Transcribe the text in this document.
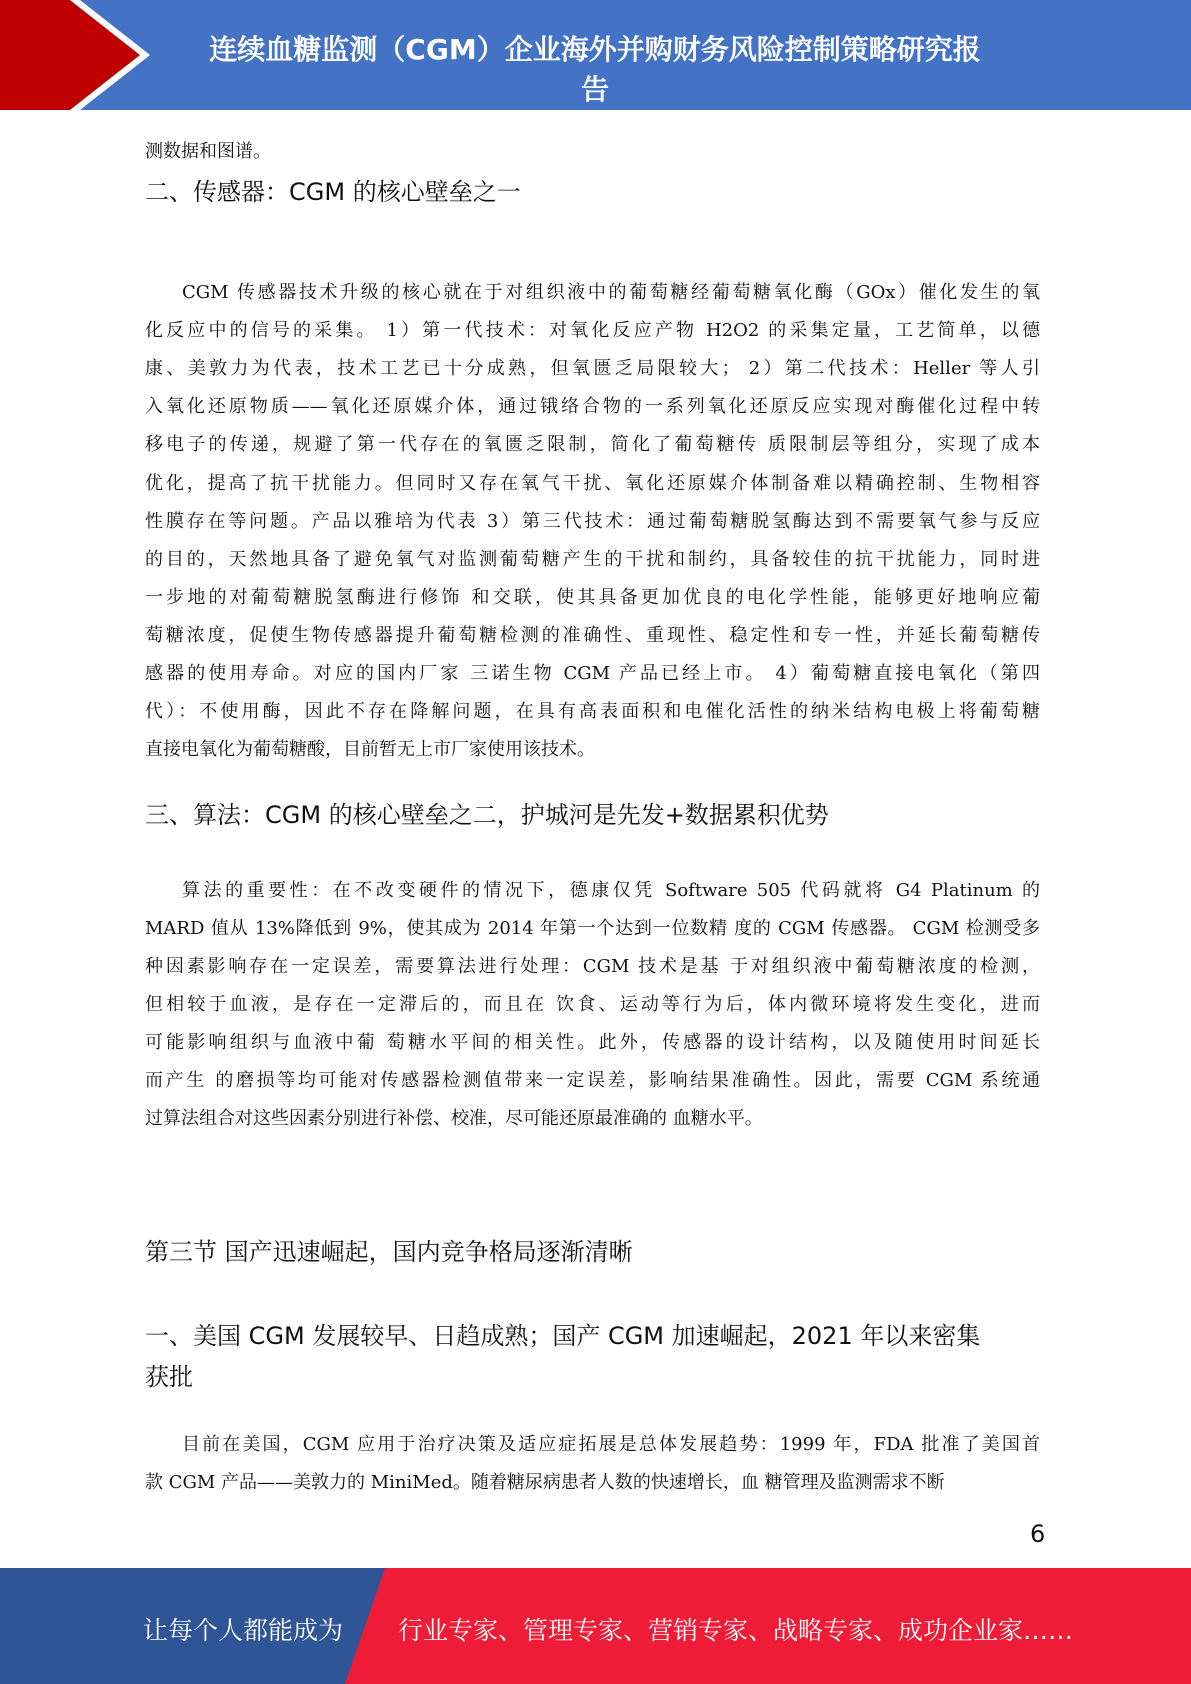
连续血糖监测（CGM）企业海外并购财务风险控制策略研究报
告
测数据和图谱。
二、传感器：CGM 的核心壁垒之一
CGM 传感器技术升级的核心就在于对组织液中的葡萄糖经葡萄糖氧化酶（GOx）催化发生的氧
化反应中的信号的采集。 1）第一代技术：对氧化反应产物 H2O2 的采集定量，工艺简单，以德
康、美敦力为代表，技术工艺已十分成熟，但氧匮乏局限较大； 2）第二代技术：Heller 等人引
入氧化还原物质——氧化还原媒介体，通过锇络合物的一系列氧化还原反应实现对酶催化过程中转
移电子的传递，规避了第一代存在的氧匮乏限制，简化了葡萄糖传 质限制层等组分，实现了成本
优化，提高了抗干扰能力。但同时又存在氧气干扰、氧化还原媒介体制备难以精确控制、生物相容
性膜存在等问题。产品以雅培为代表 3）第三代技术：通过葡萄糖脱氢酶达到不需要氧气参与反应
的目的，天然地具备了避免氧气对监测葡萄糖产生的干扰和制约，具备较佳的抗干扰能力，同时进
一步地的对葡萄糖脱氢酶进行修饰 和交联，使其具备更加优良的电化学性能，能够更好地响应葡
萄糖浓度，促使生物传感器提升葡萄糖检测的准确性、重现性、稳定性和专一性，并延长葡萄糖传
感器的使用寿命。对应的国内厂家 三诺生物 CGM 产品已经上市。 4）葡萄糖直接电氧化（第四
代）：不使用酶，因此不存在降解问题，在具有高表面积和电催化活性的纳米结构电极上将葡萄糖
直接电氧化为葡萄糖酸，目前暂无上市厂家使用该技术。
三、算法：CGM 的核心壁垒之二，护城河是先发+数据累积优势
算法的重要性：在不改变硬件的情况下，德康仅凭 Software 505 代码就将 G4 Platinum 的
MARD 值从 13%降低到 9%，使其成为 2014 年第一个达到一位数精 度的 CGM 传感器。 CGM 检测受多
种因素影响存在一定误差，需要算法进行处理：CGM 技术是基 于对组织液中葡萄糖浓度的检测，
但相较于血液，是存在一定滞后的，而且在 饮食、运动等行为后，体内微环境将发生变化，进而
可能影响组织与血液中葡 萄糖水平间的相关性。此外，传感器的设计结构，以及随使用时间延长
而产生 的磨损等均可能对传感器检测值带来一定误差，影响结果准确性。因此，需要 CGM 系统通
过算法组合对这些因素分别进行补偿、校准，尽可能还原最准确的 血糖水平。
第三节 国产迅速崛起，国内竞争格局逐渐清晰
一、美国 CGM 发展较早、日趋成熟；国产 CGM 加速崛起，2021 年以来密集
获批
目前在美国，CGM 应用于治疗决策及适应症拓展是总体发展趋势：1999 年，FDA 批准了美国首
款 CGM 产品——美敦力的 MiniMed。随着糖尿病患者人数的快速增长，血 糖管理及监测需求不断
6
让每个人都能成为 行业专家、管理专家、营销专家、战略专家、成功企业家……
